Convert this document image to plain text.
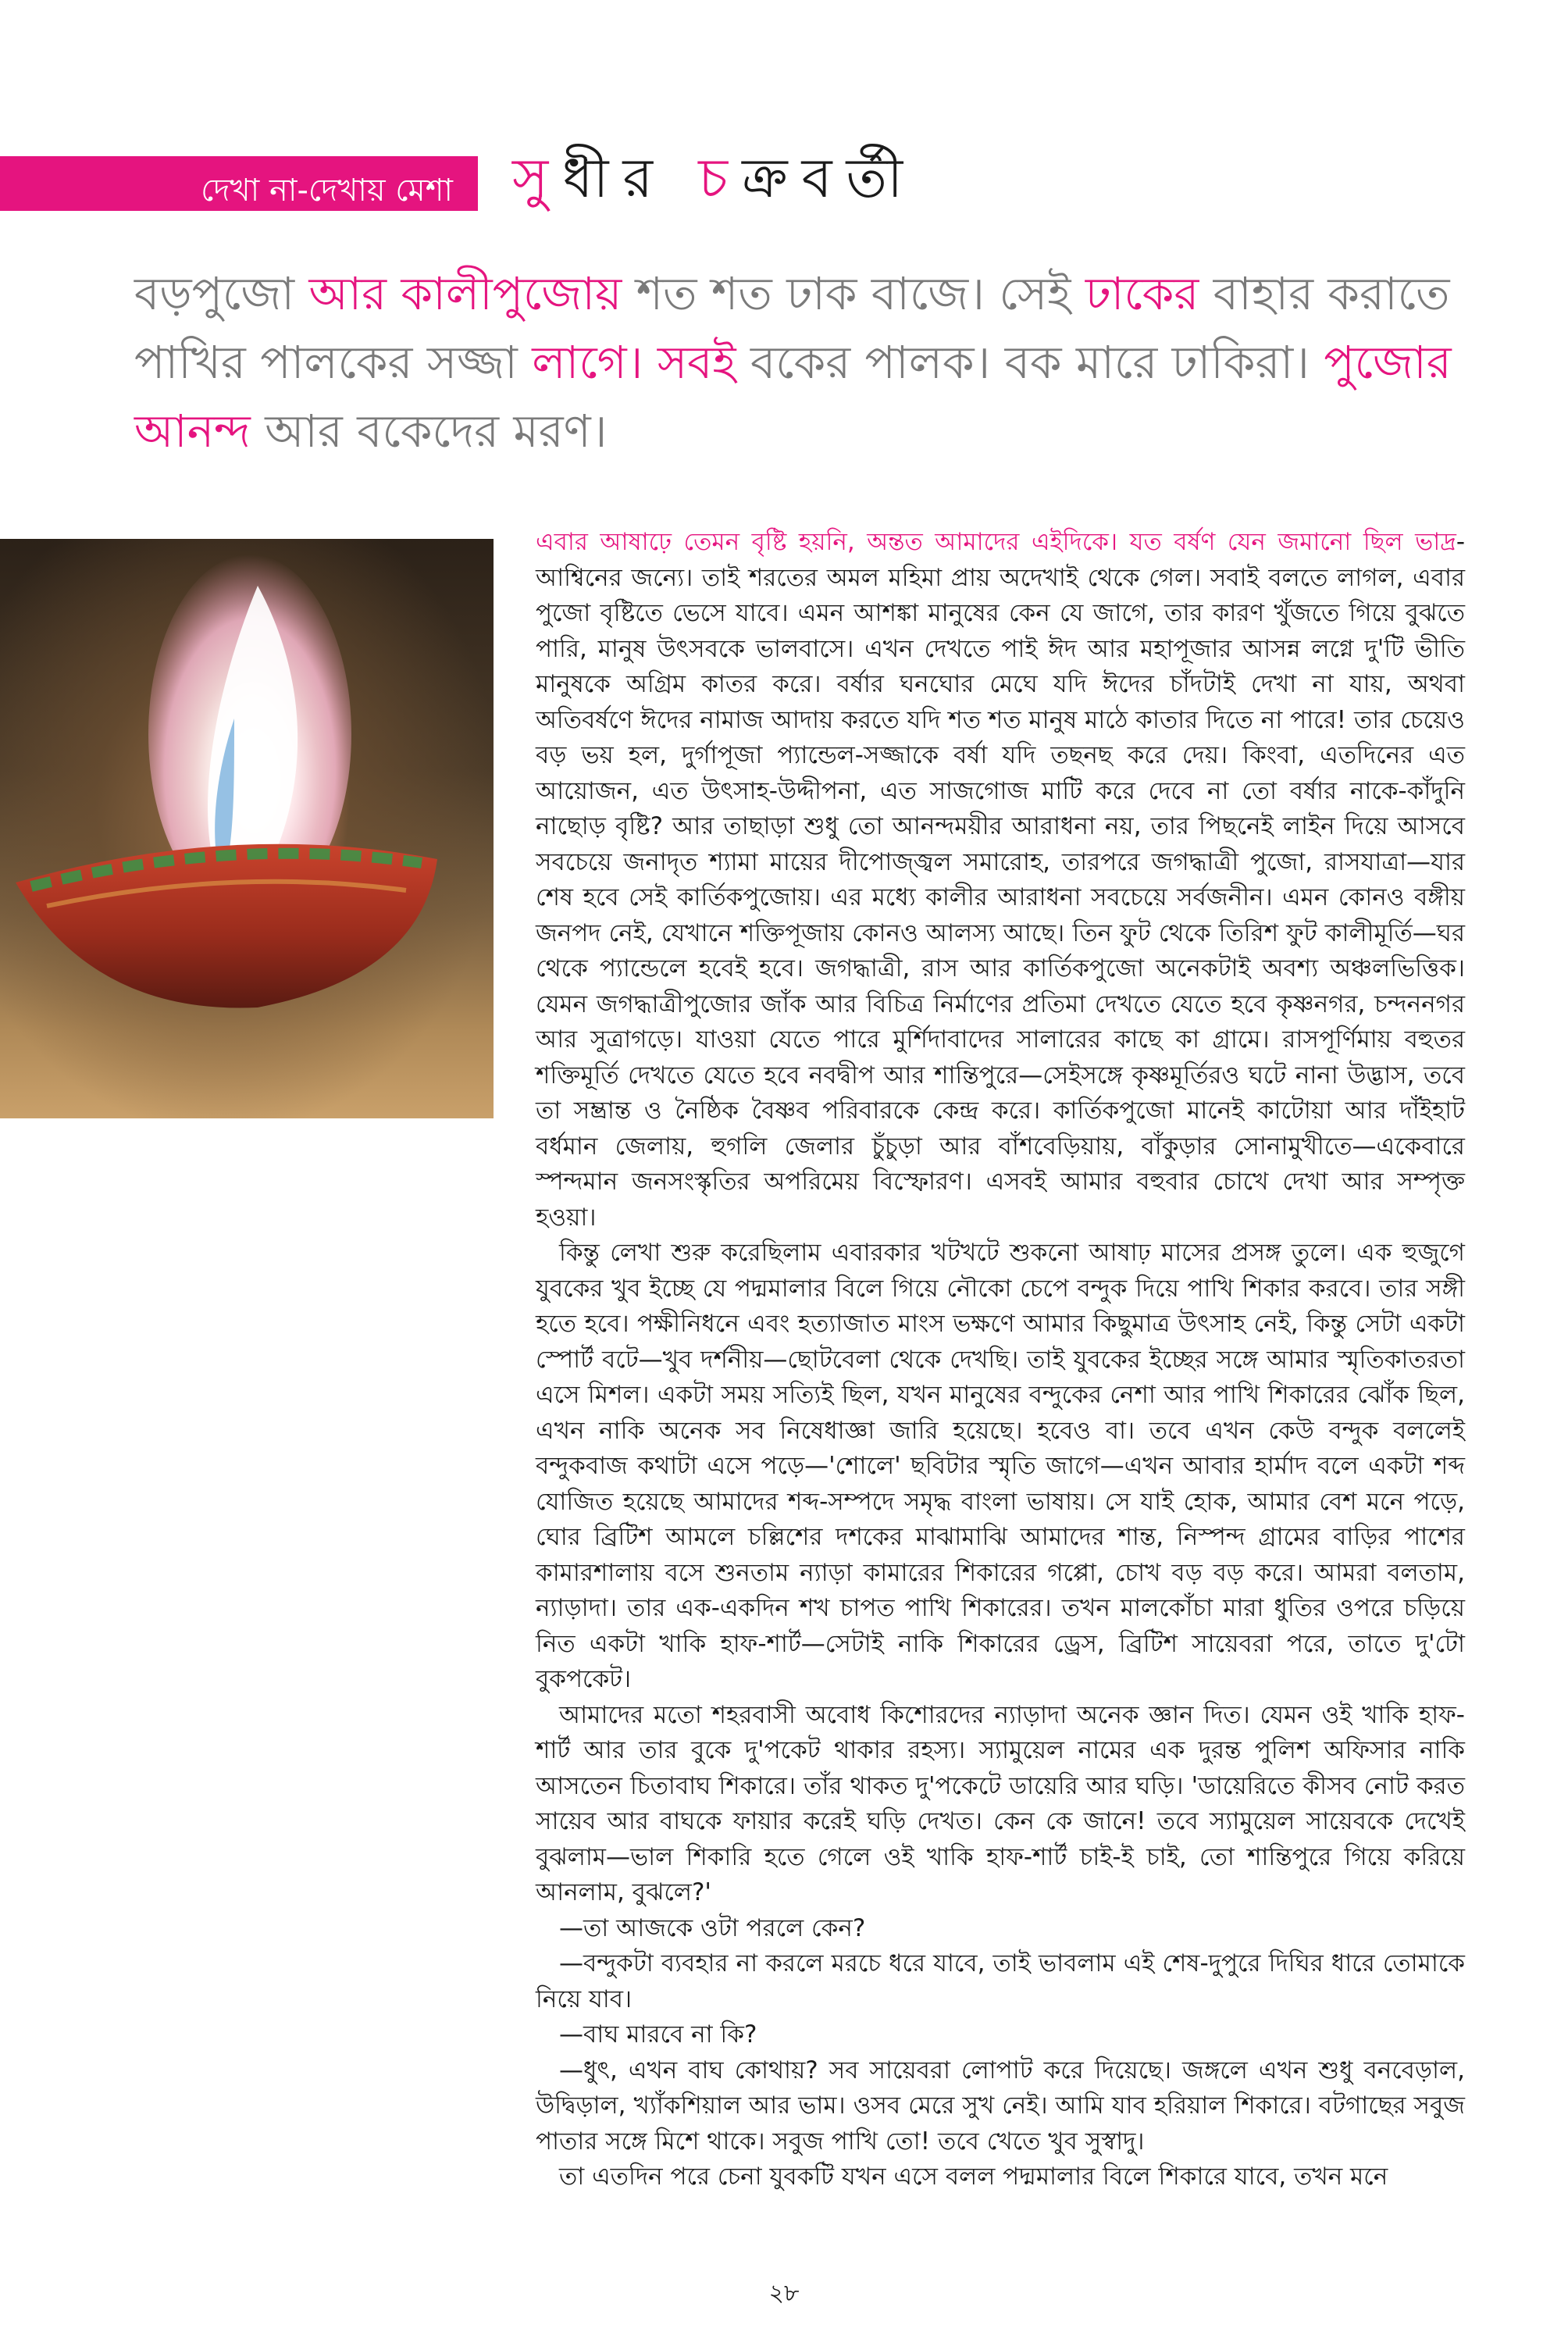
দেখা না-দেখায় মেশা সুধীর চক্রবর্তী
বড়পুজো আর কালীপুজোয় শত শত ঢাক বাজে। সেই ঢাকের বাহার করাতে পাখির পালকের সজ্জা লাগে। সবই বকের পালক। বক মারে ঢাকিরা। পুজোর আনন্দ আর বকেদের মরণ।

এবার আষাঢ়ে তেমন বৃষ্টি হয়নি, অন্তত আমাদের এইদিকে। যত বর্ষণ যেন জমানো ছিল ভাদ্র-আশ্বিনের জন্যে। তাই শরতের অমল মহিমা প্রায় অদেখাই থেকে গেল। সবাই বলতে লাগল, এবার পুজো বৃষ্টিতে ভেসে যাবে। এমন আশঙ্কা মানুষের কেন যে জাগে, তার কারণ খুঁজতে গিয়ে বুঝতে পারি, মানুষ উৎসবকে ভালবাসে। এখন দেখতে পাই ঈদ আর মহাপূজার আসন্ন লগ্নে দু'টি ভীতি মানুষকে অগ্রিম কাতর করে। বর্ষার ঘনঘোর মেঘে যদি ঈদের চাঁদটাই দেখা না যায়, অথবা অতিবর্ষণে ঈদের নামাজ আদায় করতে যদি শত শত মানুষ মাঠে কাতার দিতে না পারে! তার চেয়েও বড় ভয় হল, দুর্গাপূজা প্যান্ডেল-সজ্জাকে বর্ষা যদি তছনছ করে দেয়। কিংবা, এতদিনের এত আয়োজন, এত উৎসাহ-উদ্দীপনা, এত সাজগোজ মাটি করে দেবে না তো বর্ষার নাকে-কাঁদুনি নাছোড় বৃষ্টি? আর তাছাড়া শুধু তো আনন্দময়ীর আরাধনা নয়, তার পিছনেই লাইন দিয়ে আসবে সবচেয়ে জনাদৃত শ্যামা মায়ের দীপোজ্জ্বল সমারোহ, তারপরে জগদ্ধাত্রী পুজো, রাসযাত্রা—যার শেষ হবে সেই কার্তিকপুজোয়। এর মধ্যে কালীর আরাধনা সবচেয়ে সর্বজনীন। এমন কোনও বঙ্গীয় জনপদ নেই, যেখানে শক্তিপূজায় কোনও আলস্য আছে। তিন ফুট থেকে তিরিশ ফুট কালীমূর্তি—ঘর থেকে প্যান্ডেলে হবেই হবে। জগদ্ধাত্রী, রাস আর কার্তিকপুজো অনেকটাই অবশ্য অঞ্চলভিত্তিক। যেমন জগদ্ধাত্রীপুজোর জাঁক আর বিচিত্র নির্মাণের প্রতিমা দেখতে যেতে হবে কৃষ্ণনগর, চন্দননগর আর সুত্রাগড়ে। যাওয়া যেতে পারে মুর্শিদাবাদের সালারের কাছে কা গ্রামে। রাসপূর্ণিমায় বহুতর শক্তিমূর্তি দেখতে যেতে হবে নবদ্বীপ আর শান্তিপুরে—সেইসঙ্গে কৃষ্ণমূর্তিরও ঘটে নানা উদ্ভাস, তবে তা সম্ভ্রান্ত ও নৈষ্ঠিক বৈষ্ণব পরিবারকে কেন্দ্র করে। কার্তিকপুজো মানেই কাটোয়া আর দাঁইহাট বর্ধমান জেলায়, হুগলি জেলার চুঁচুড়া আর বাঁশবেড়িয়ায়, বাঁকুড়ার সোনামুখীতে—একেবারে স্পন্দমান জনসংস্কৃতির অপরিমেয় বিস্ফোরণ। এসবই আমার বহুবার চোখে দেখা আর সম্পৃক্ত হওয়া।

কিন্তু লেখা শুরু করেছিলাম এবারকার খটখটে শুকনো আষাঢ় মাসের প্রসঙ্গ তুলে। এক হুজুগে যুবকের খুব ইচ্ছে যে পদ্মমালার বিলে গিয়ে নৌকো চেপে বন্দুক দিয়ে পাখি শিকার করবে। তার সঙ্গী হতে হবে। পক্ষীনিধনে এবং হত্যাজাত মাংস ভক্ষণে আমার কিছুমাত্র উৎসাহ নেই, কিন্তু সেটা একটা স্পোর্ট বটে—খুব দর্শনীয়—ছোটবেলা থেকে দেখছি। তাই যুবকের ইচ্ছের সঙ্গে আমার স্মৃতিকাতরতা এসে মিশল। একটা সময় সত্যিই ছিল, যখন মানুষের বন্দুকের নেশা আর পাখি শিকারের ঝোঁক ছিল, এখন নাকি অনেক সব নিষেধাজ্ঞা জারি হয়েছে। হবেও বা। তবে এখন কেউ বন্দুক বললেই বন্দুকবাজ কথাটা এসে পড়ে—'শোলে' ছবিটার স্মৃতি জাগে—এখন আবার হার্মাদ বলে একটা শব্দ যোজিত হয়েছে আমাদের শব্দ-সম্পদে সমৃদ্ধ বাংলা ভাষায়। সে যাই হোক, আমার বেশ মনে পড়ে, ঘোর ব্রিটিশ আমলে চল্লিশের দশকের মাঝামাঝি আমাদের শান্ত, নিস্পন্দ গ্রামের বাড়ির পাশের কামারশালায় বসে শুনতাম ন্যাড়া কামারের শিকারের গপ্পো, চোখ বড় বড় করে। আমরা বলতাম, ন্যাড়াদা। তার এক-একদিন শখ চাপত পাখি শিকারের। তখন মালকোঁচা মারা ধুতির ওপরে চড়িয়ে নিত একটা খাকি হাফ-শার্ট—সেটাই নাকি শিকারের ড্রেস, ব্রিটিশ সায়েবরা পরে, তাতে দু'টো বুকপকেট।

আমাদের মতো শহরবাসী অবোধ কিশোরদের ন্যাড়াদা অনেক জ্ঞান দিত। যেমন ওই খাকি হাফ-শার্ট আর তার বুকে দু'পকেট থাকার রহস্য। স্যামুয়েল নামের এক দুরন্ত পুলিশ অফিসার নাকি আসতেন চিতাবাঘ শিকারে। তাঁর থাকত দু'পকেটে ডায়েরি আর ঘড়ি। 'ডায়েরিতে কীসব নোট করত সায়েব আর বাঘকে ফায়ার করেই ঘড়ি দেখত। কেন কে জানে! তবে স্যামুয়েল সায়েবকে দেখেই বুঝলাম—ভাল শিকারি হতে গেলে ওই খাকি হাফ-শার্ট চাই-ই চাই, তো শান্তিপুরে গিয়ে করিয়ে আনলাম, বুঝলে?'

—তা আজকে ওটা পরলে কেন?

—বন্দুকটা ব্যবহার না করলে মরচে ধরে যাবে, তাই ভাবলাম এই শেষ-দুপুরে দিঘির ধারে তোমাকে নিয়ে যাব।

—বাঘ মারবে না কি?

—ধুৎ, এখন বাঘ কোথায়? সব সায়েবরা লোপাট করে দিয়েছে। জঙ্গলে এখন শুধু বনবেড়াল, উদ্বিড়াল, খ্যাঁকশিয়াল আর ভাম। ওসব মেরে সুখ নেই। আমি যাব হরিয়াল শিকারে। বটগাছের সবুজ পাতার সঙ্গে মিশে থাকে। সবুজ পাখি তো! তবে খেতে খুব সুস্বাদু।

তা এতদিন পরে চেনা যুবকটি যখন এসে বলল পদ্মমালার বিলে শিকারে যাবে, তখন মনে

২৮
